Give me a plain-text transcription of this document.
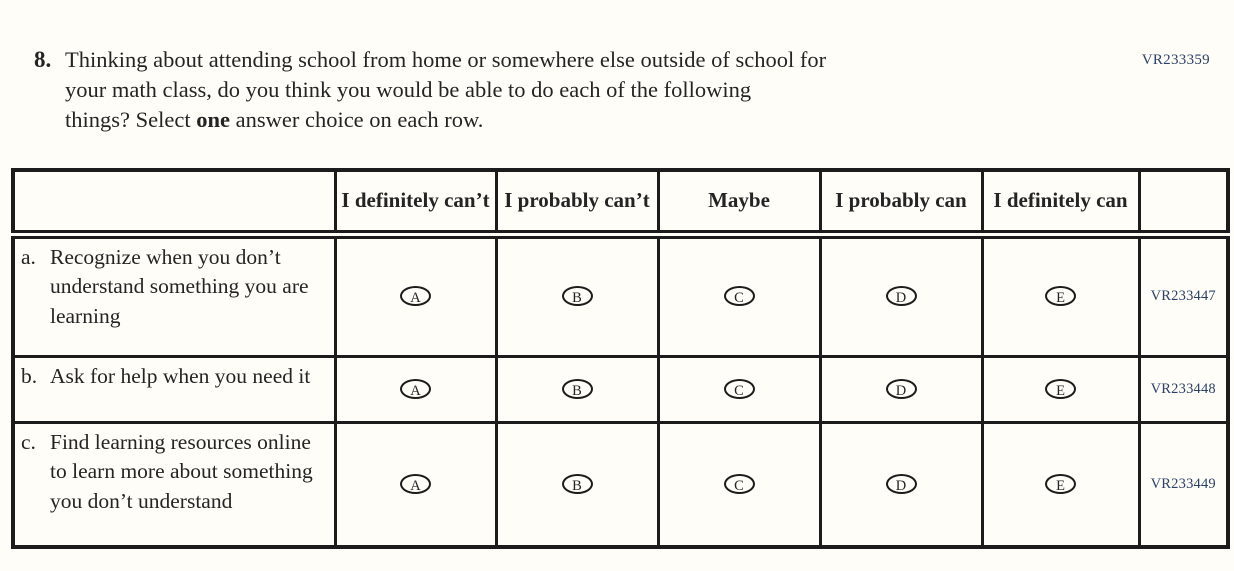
VR233359
8. Thinking about attending school from home or somewhere else outside of school for
your math class, do you think you would be able to do each of the following
things? Select one answer choice on each row.
	I definitely can’t	I probably can’t	Maybe	I probably can	I definitely can	

a. Recognize when you don’t understand something you are learning	A	B	C	D	E	VR233447

b. Ask for help when you need it	A	B	C	D	E	VR233448

c. Find learning resources online to learn more about something you don’t understand	A	B	C	D	E	VR233449
